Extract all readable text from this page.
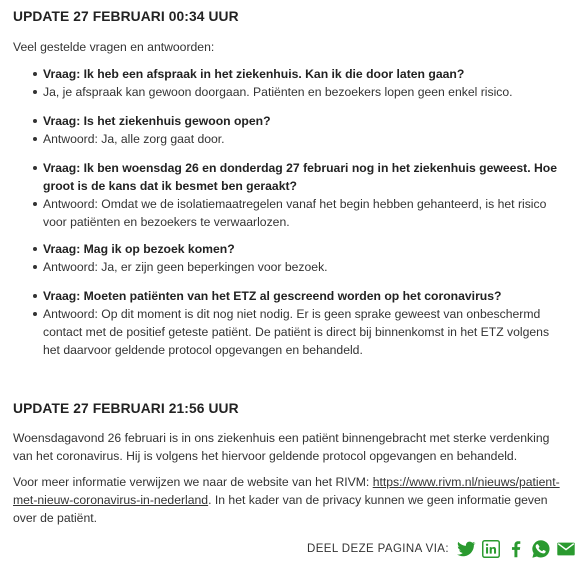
UPDATE 27 FEBRUARI 00:34 UUR

Veel gestelde vragen en antwoorden:

Vraag: Ik heb een afspraak in het ziekenhuis. Kan ik die door laten gaan?
Ja, je afspraak kan gewoon doorgaan. Patiënten en bezoekers lopen geen enkel risico.
Vraag: Is het ziekenhuis gewoon open?
Antwoord: Ja, alle zorg gaat door.
Vraag: Ik ben woensdag 26 en donderdag 27 februari nog in het ziekenhuis geweest. Hoe groot is de kans dat ik besmet ben geraakt?
Antwoord: Omdat we de isolatiemaatregelen vanaf het begin hebben gehanteerd, is het risico voor patiënten en bezoekers te verwaarlozen.
Vraag: Mag ik op bezoek komen?
Antwoord: Ja, er zijn geen beperkingen voor bezoek.
Vraag: Moeten patiënten van het ETZ al gescreend worden op het coronavirus?
Antwoord: Op dit moment is dit nog niet nodig. Er is geen sprake geweest van onbeschermd contact met de positief geteste patiënt. De patiënt is direct bij binnenkomst in het ETZ volgens het daarvoor geldende protocol opgevangen en behandeld.
UPDATE 27 FEBRUARI 21:56 UUR

Woensdagavond 26 februari is in ons ziekenhuis een patiënt binnengebracht met sterke verdenking van het coronavirus. Hij is volgens het hiervoor geldende protocol opgevangen en behandeld.

Voor meer informatie verwijzen we naar de website van het RIVM: https://www.rivm.nl/nieuws/patient-met-nieuw-coronavirus-in-nederland. In het kader van de privacy kunnen we geen informatie geven over de patiënt.

DEEL DEZE PAGINA VIA:
